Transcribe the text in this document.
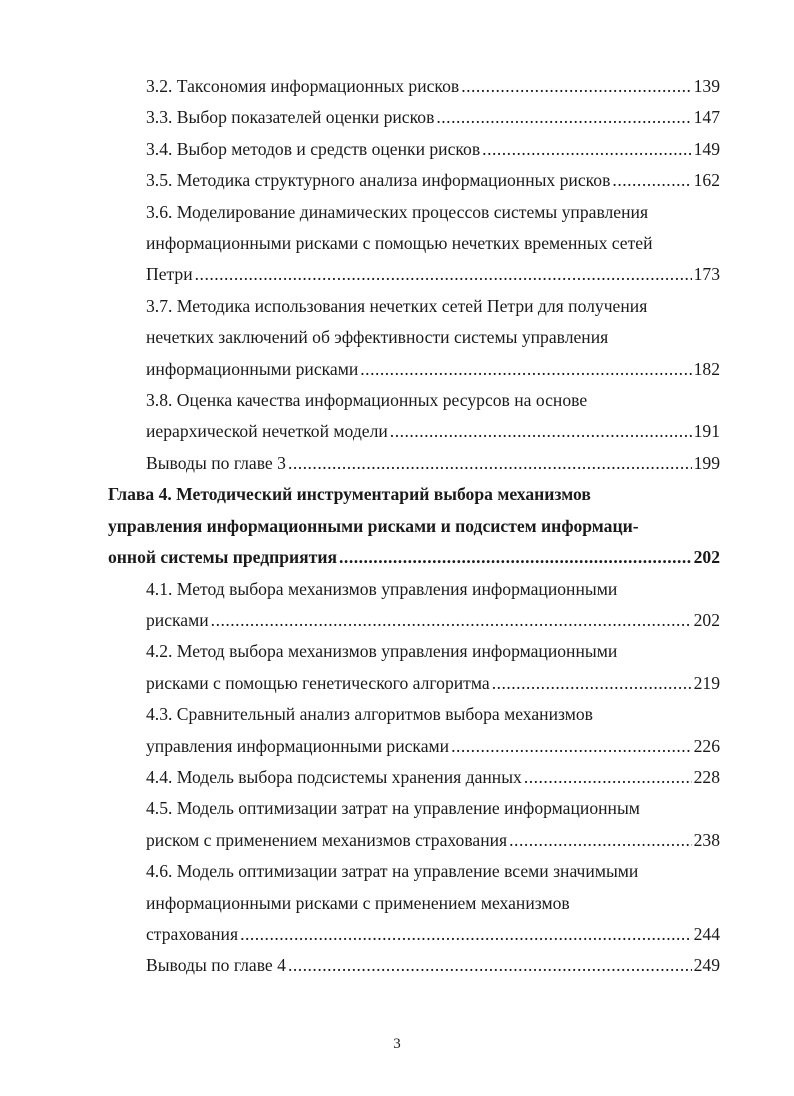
3.2. Таксономия информационных рисков .....	139
3.3. Выбор показателей оценки рисков .....	147
3.4. Выбор методов и средств оценки рисков .....	149
3.5. Методика структурного анализа информационных рисков .....	162
3.6. Моделирование динамических процессов системы управления
информационными рисками с помощью нечетких временных сетей
Петри .....	173
3.7. Методика использования нечетких сетей Петри для получения
нечетких заключений об эффективности системы управления
информационными рисками .....	182
3.8. Оценка качества информационных ресурсов на основе
иерархической нечеткой модели .....	191
Выводы по главе 3 .....	199
Глава 4. Методический инструментарий выбора механизмов
управления информационными рисками и подсистем информаци-
онной системы предприятия .....	202
4.1. Метод выбора механизмов управления информационными
рисками .....	202
4.2. Метод выбора механизмов управления информационными
рисками с помощью генетического алгоритма .....	219
4.3. Сравнительный анализ алгоритмов выбора механизмов
управления информационными рисками .....	226
4.4. Модель выбора подсистемы хранения данных .....	228
4.5. Модель оптимизации затрат на управление информационным
риском с применением механизмов страхования .....	238
4.6. Модель оптимизации затрат на управление всеми значимыми
информационными рисками с применением механизмов
страхования .....	244
Выводы по главе 4 .....	249
3
